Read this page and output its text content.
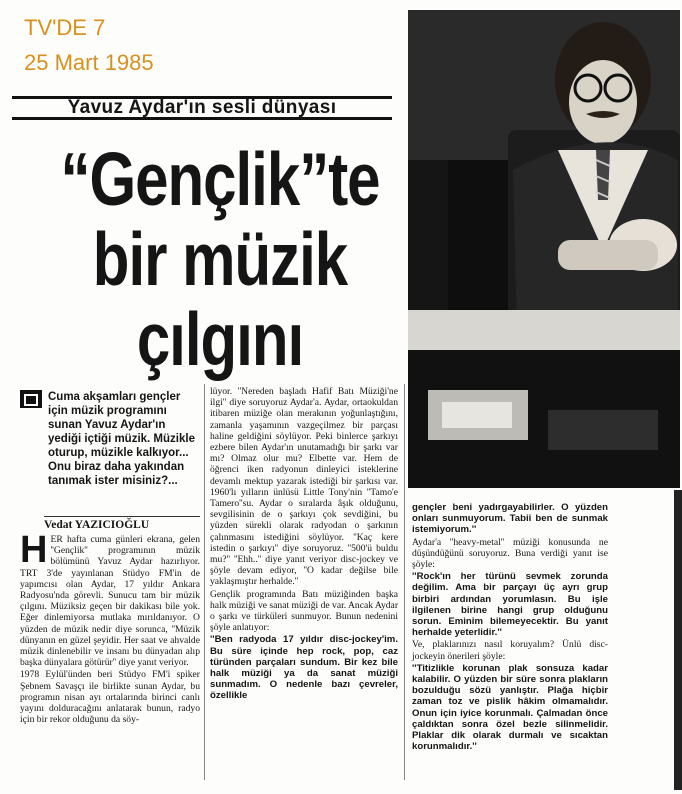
TV'DE 7
25 Mart 1985
Yavuz Aydar'ın sesli dünyası
“Gençlik”te
bir müzik
çılgını
Cuma akşamları gençler için müzik programını sunan Yavuz Aydar'ın yediği içtiği müzik. Müzikle oturup, müzikle kalkıyor... Onu biraz daha yakından tanımak ister misiniz?...
Vedat YAZICIOĞLU

HER hafta cuma günleri ekrana, gelen ''Gençlik'' programının müzik bölümünü Yavuz Aydar hazırlıyor. TRT 3'de yayınlanan Stüdyo FM'in de yapımcısı olan Aydar, 17 yıldır Ankara Radyosu'nda görevli. Sunucu tam bir müzik çılgını. Müziksiz geçen bir dakikası bile yok. Eğer dinlemiyorsa mutlaka mırıldanıyor. O yüzden de müzik nedir diye sorunca, ''Müzik dünyanın en güzel şeyidir. Her saat ve ahvalde müzik dinlenebilir ve insanı bu dünyadan alıp başka dünyalara götürür'' diye yanıt veriyor.

1978 Eylül'ünden beri Stüdyo FM'i spiker Şebnem Savaşçı ile birlikte sunan Aydar, bu programın nisan ayı ortalarında birinci canlı yayını dolduracağını anlatarak bunun, radyo için bir rekor olduğunu da söy-

lüyor. ''Nereden başladı Hafif Batı Müziği'ne ilgi'' diye soruyoruz Aydar'a. Aydar, ortaokuldan itibaren müziğe olan merakının yoğunlaştığını, zamanla yaşamının vazgeçilmez bir parçası haline geldiğini söylüyor. Peki binlerce şarkıyı ezbere bilen Aydar'ın unutamadığı bir şarkı var mı? Olmaz olur mu? Elbette var. Hem de öğrenci iken radyonun dinleyici isteklerine devamlı mektup yazarak istediği bir şarkısı var. 1960'lı yılların ünlüsü Little Tony'nin ''Tamo'e Tamero''su. Aydar o sıralarda âşık olduğunu, sevgilisinin de o şarkıyı çok sevdiğini, bu yüzden sürekli olarak radyodan o şarkının çalınmasını istediğini söylüyor. ''Kaç kere istedin o şarkıyı'' diye soruyoruz. ''500'ü buldu mu?'' ''Ehh..'' diye yanıt veriyor disc-jockey ve şöyle devam ediyor, ''O kadar değilse bile yaklaşmıştır herhalde.''

Gençlik programında Batı müziğinden başka halk müziği ve sanat müziği de var. Ancak Aydar o şarkı ve türküleri sunmuyor. Bunun nedenini şöyle anlatıyor:

''Ben radyoda 17 yıldır disc-jockey'im. Bu süre içinde hep rock, pop, caz türünden parçaları sundum. Bir kez bile halk müziği ya da sanat müziği sunmadım. O nedenle bazı çevreler, özellikle

gençler beni yadırgayabilirler. O yüzden onları sunmuyorum. Tabii ben de sunmak istemiyorum.''

Aydar'a ''heavy-metal'' müziği konusunda ne düşündüğünü soruyoruz. Buna verdiği yanıt ise şöyle:

''Rock'ın her türünü sevmek zorunda değilim. Ama bir parçayı üç ayrı grup birbiri ardından yorumlasın. Bu işle ilgilenen birine hangi grup olduğunu sorun. Eminim bilemeyecektir. Bu yanıt herhalde yeterlidir.''

Ve, plaklarınızı nasıl koruyalım? Ünlü disc-jockeyin önerileri şöyle:

''Titizlikle korunan plak sonsuza kadar kalabilir. O yüzden bir süre sonra plakların bozulduğu sözü yanlıştır. Plağa hiçbir zaman toz ve pislik hâkim olmamalıdır. Onun için iyice korunmalı. Çalmadan önce çaldıktan sonra özel bezle silinmelidir. Plaklar dik olarak durmalı ve sıcaktan korunmalıdır.''
